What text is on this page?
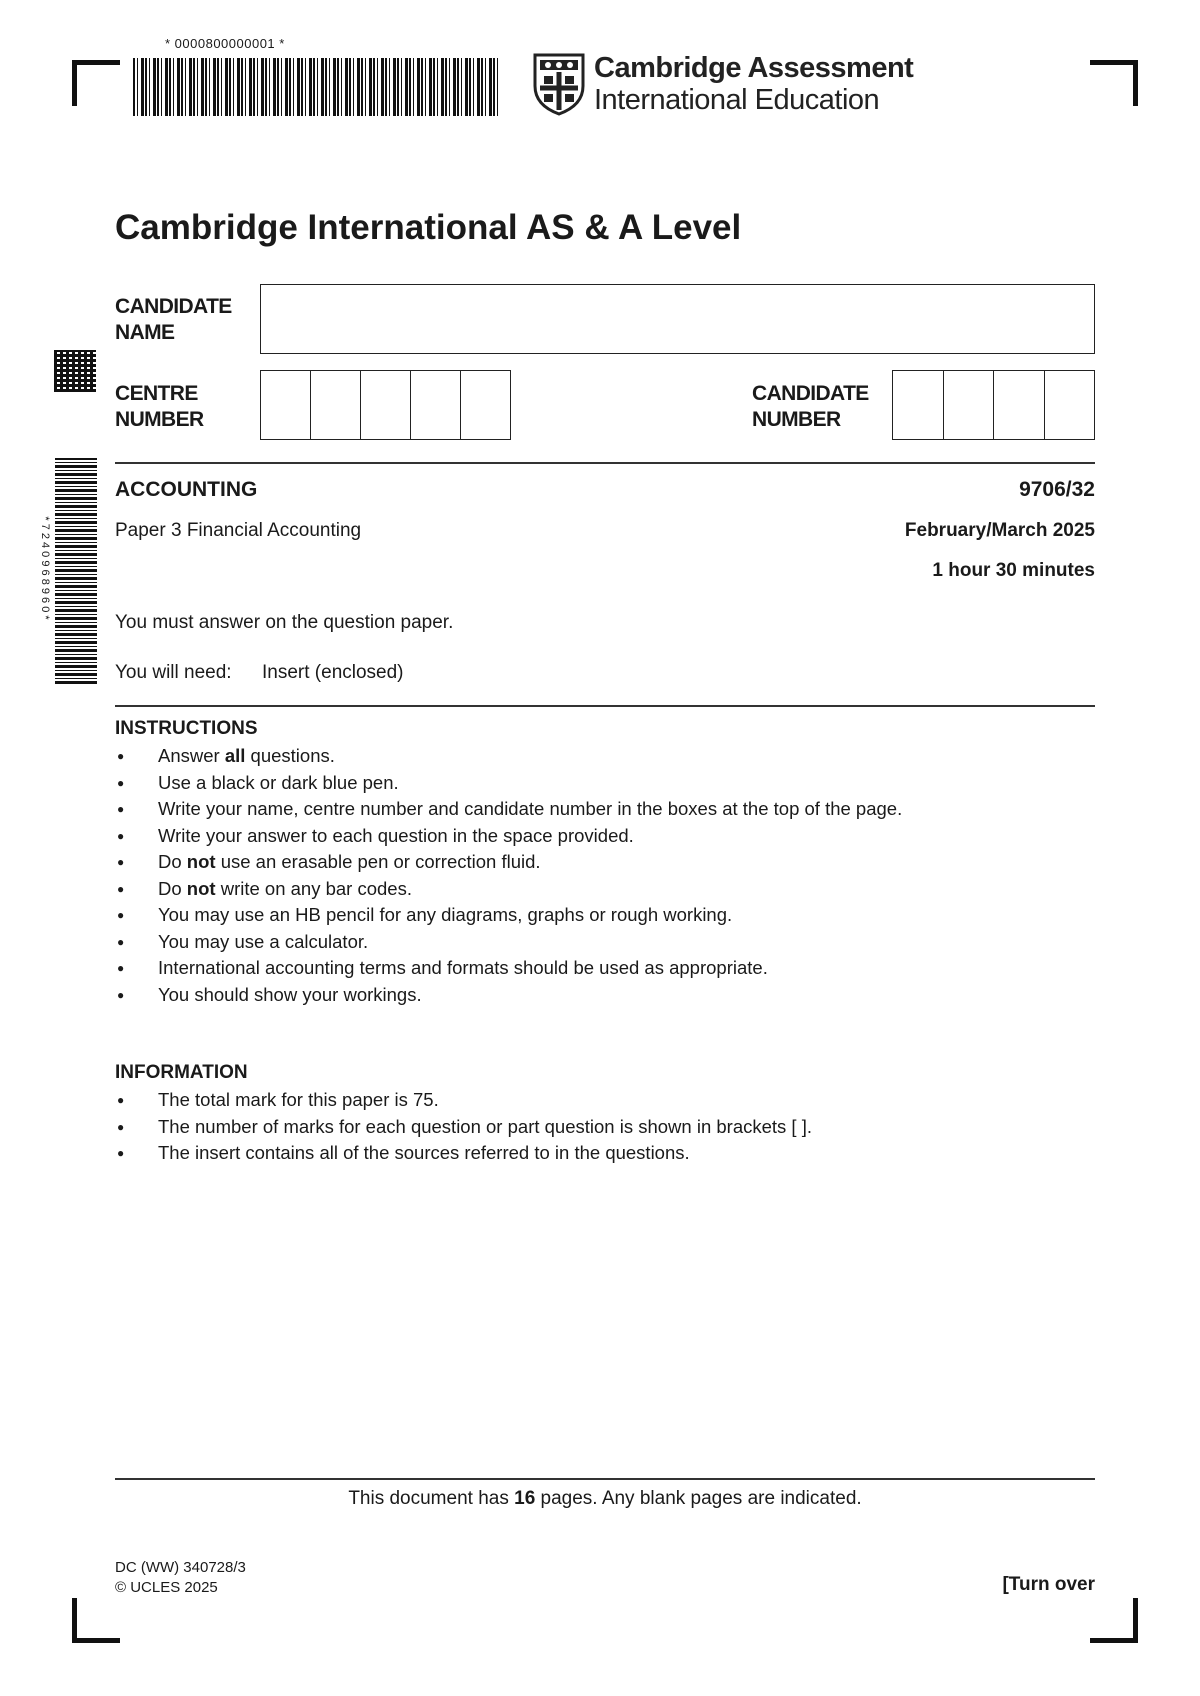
* 0000800000001 *
Cambridge Assessment
International Education
Cambridge International AS & A Level
* 7 2 4 0 9 6 8 9 6 0 *
CANDIDATE
NAME
CENTRE
NUMBER
CANDIDATE
NUMBER
ACCOUNTING	9706/32
Paper 3 Financial Accounting	February/March 2025
1 hour 30 minutes
You must answer on the question paper.
You will need: Insert (enclosed)
INSTRUCTIONS
● Answer all questions.
● Use a black or dark blue pen.
● Write your name, centre number and candidate number in the boxes at the top of the page.
● Write your answer to each question in the space provided.
● Do not use an erasable pen or correction fluid.
● Do not write on any bar codes.
● You may use an HB pencil for any diagrams, graphs or rough working.
● You may use a calculator.
● International accounting terms and formats should be used as appropriate.
● You should show your workings.
INFORMATION
● The total mark for this paper is 75.
● The number of marks for each question or part question is shown in brackets [ ].
● The insert contains all of the sources referred to in the questions.
This document has 16 pages. Any blank pages are indicated.
DC (WW) 340728/3
© UCLES 2025	[Turn over
